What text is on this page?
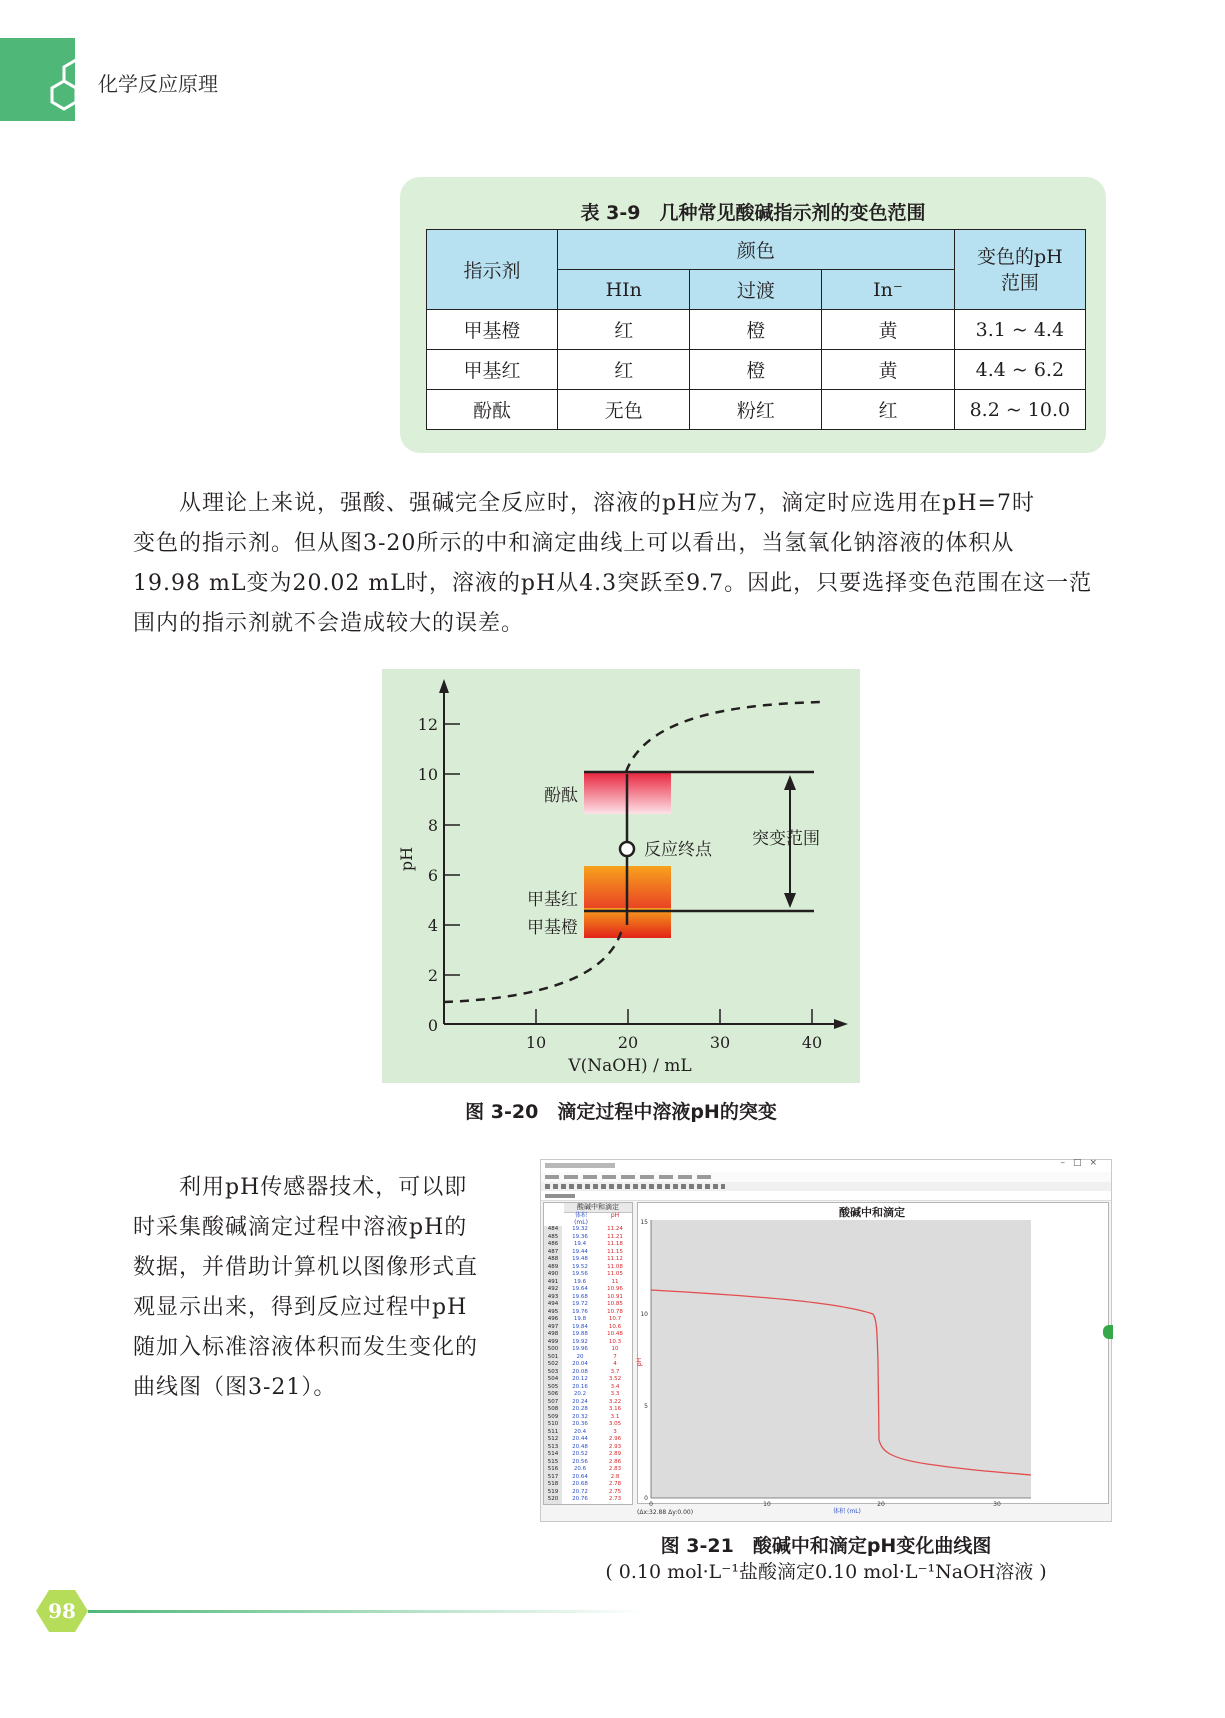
化学反应原理
表 3-9　几种常见酸碱指示剂的变色范围
指示剂	颜色			变色的pH
范围

	HIn	过渡	In⁻	
甲基橙	红	橙	黄	3.1 ~ 4.4
甲基红	红	橙	黄	4.4 ~ 6.2
酚酞	无色	粉红	红	8.2 ~ 10.0
　　从理论上来说，强酸、强碱完全反应时，溶液的pH应为7，滴定时应选用在pH=7时
变色的指示剂。但从图3-20所示的中和滴定曲线上可以看出，当氢氧化钠溶液的体积从
19.98 mL变为20.02 mL时，溶液的pH从4.3突跃至9.7。因此，只要选择变色范围在这一范
围内的指示剂就不会造成较大的误差。
0
2
4
6
8
10
12
10	20	30	40
V(NaOH) / mL
pH
酚酞
反应终点
突变范围
甲基红
甲基橙
图 3-20　滴定过程中溶液pH的突变
　　利用pH传感器技术，可以即
时采集酸碱滴定过程中溶液pH的
数据，并借助计算机以图像形式直
观显示出来，得到反应过程中pH
随加入标准溶液体积而发生变化的
曲线图（图3-21）。
–□×
酸碱中和滴定
体积
(mL)
pH
484	19.32	11.24
485	19.36	11.21
486	19.4	11.18
487	19.44	11.15
488	19.48	11.12
489	19.52	11.08
490	19.56	11.05
491	19.6	11
492	19.64	10.96
493	19.68	10.91
494	19.72	10.85
495	19.76	10.78
496	19.8	10.7
497	19.84	10.6
498	19.88	10.48
499	19.92	10.3
500	19.96	10
501	20	7
502	20.04	4
503	20.08	3.7
504	20.12	3.52
505	20.16	3.4
506	20.2	3.3
507	20.24	3.22
508	20.28	3.16
509	20.32	3.1
510	20.36	3.05
511	20.4	3
512	20.44	2.96
513	20.48	2.93
514	20.52	2.89
515	20.56	2.86
516	20.6	2.83
517	20.64	2.8
518	20.68	2.78
519	20.72	2.75
520	20.76	2.73
酸碱中和滴定
0
5
10
15
0	10	20	30
体积 (mL)
pH
(Δx:32.88 Δy:0.00)
图 3-21　酸碱中和滴定pH变化曲线图
( 0.10 mol·L⁻¹盐酸滴定0.10 mol·L⁻¹NaOH溶液 )
98
